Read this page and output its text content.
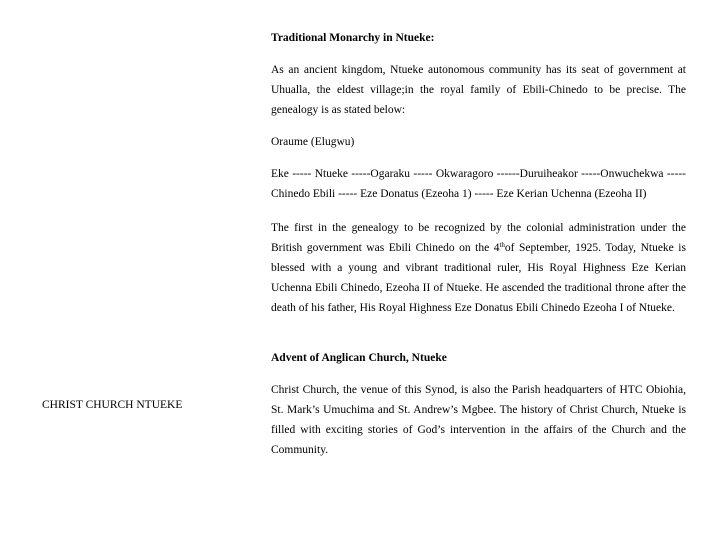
Traditional Monarchy in Ntueke:

As an ancient kingdom, Ntueke autonomous community has its seat of government at Uhualla, the eldest village;in the royal family of Ebili-Chinedo to be precise. The genealogy is as stated below:

Oraume (Elugwu)

Eke ----- Ntueke -----Ogaraku ----- Okwaragoro ------Duruiheakor -----Onwuchekwa ----- Chinedo Ebili ----- Eze Donatus (Ezeoha 1) ----- Eze Kerian Uchenna (Ezeoha II)

The first in the genealogy to be recognized by the colonial administration under the British government was Ebili Chinedo on the 4thof September, 1925. Today, Ntueke is blessed with a young and vibrant traditional ruler, His Royal Highness Eze Kerian Uchenna Ebili Chinedo, Ezeoha II of Ntueke. He ascended the traditional throne after the death of his father, His Royal Highness Eze Donatus Ebili Chinedo Ezeoha I of Ntueke.

Advent of Anglican Church, Ntueke

Christ Church, the venue of this Synod, is also the Parish headquarters of HTC Obiohia, St. Mark’s Umuchima and St. Andrew’s Mgbee. The history of Christ Church, Ntueke is filled with exciting stories of God’s intervention in the affairs of the Church and the Community.

CHRIST CHURCH NTUEKE
